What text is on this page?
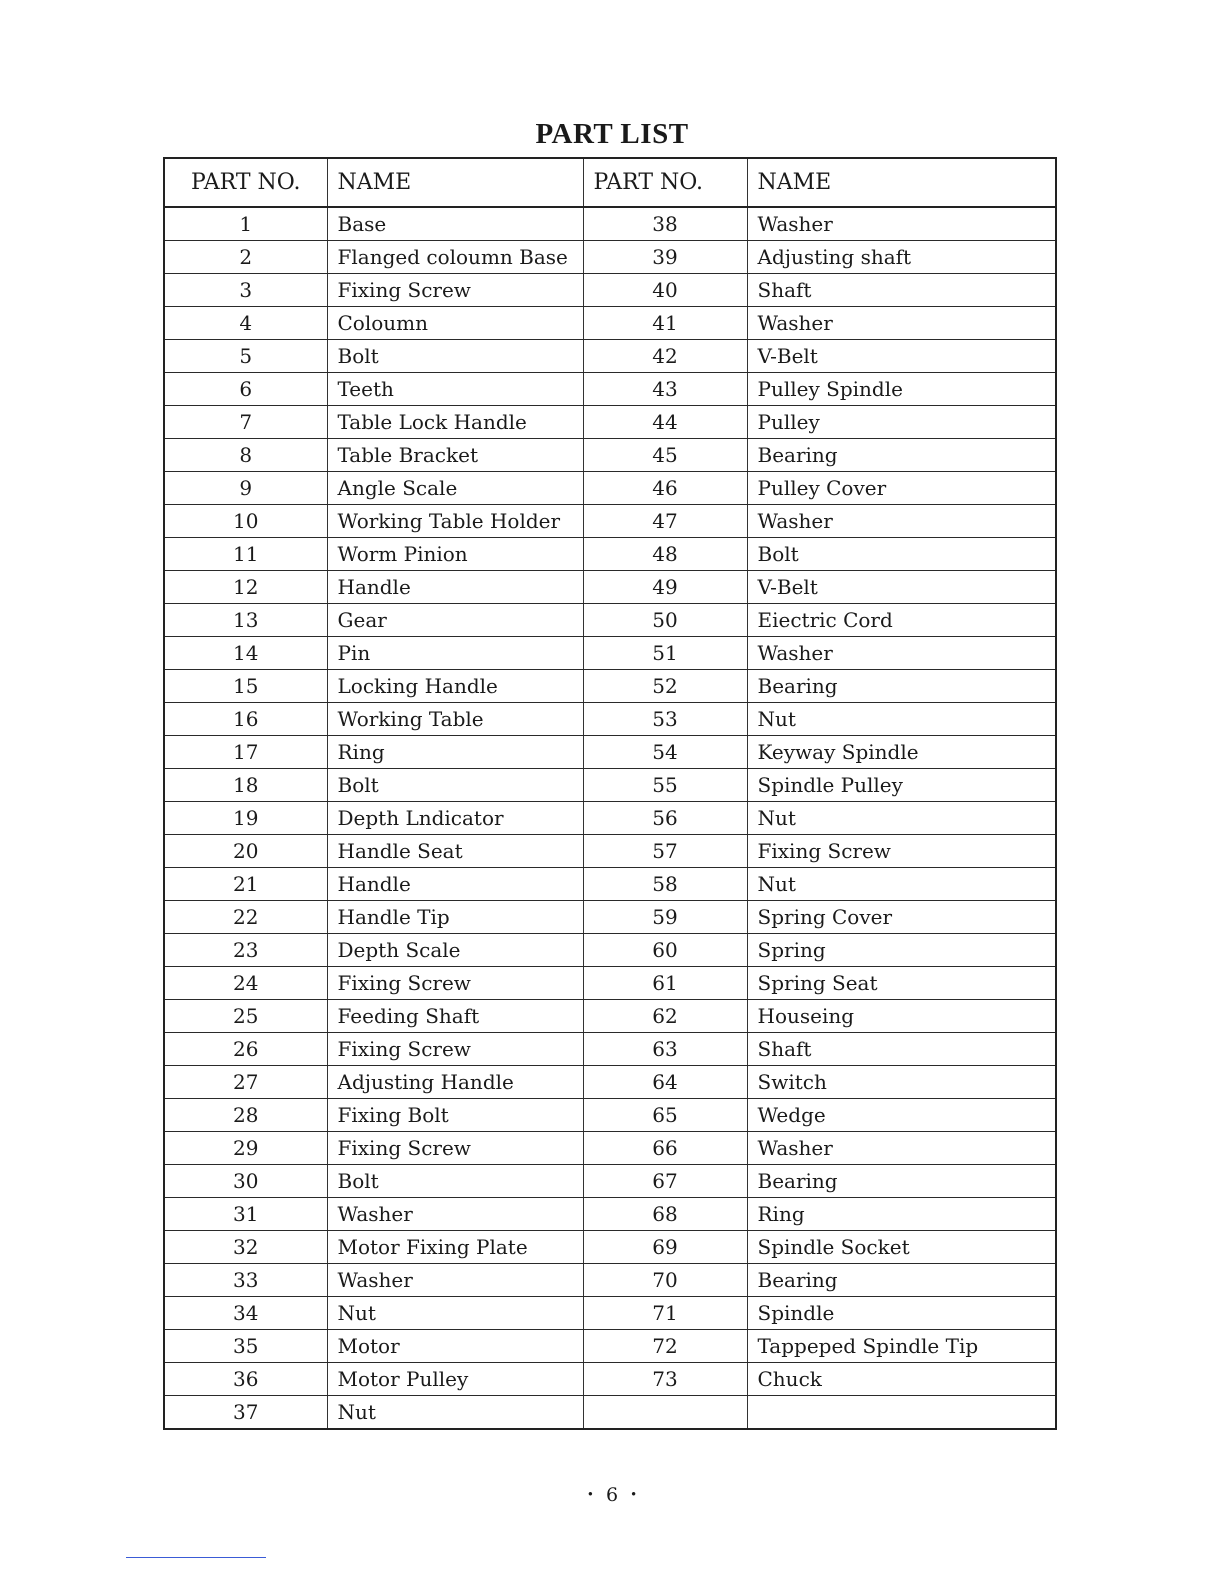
PART LIST
PART NO.	NAME	PART NO.	NAME
1	Base	38	Washer
2	Flanged coloumn Base	39	Adjusting shaft
3	Fixing Screw	40	Shaft
4	Coloumn	41	Washer
5	Bolt	42	V-Belt
6	Teeth	43	Pulley Spindle
7	Table Lock Handle	44	Pulley
8	Table Bracket	45	Bearing
9	Angle Scale	46	Pulley Cover
10	Working Table Holder	47	Washer
11	Worm Pinion	48	Bolt
12	Handle	49	V-Belt
13	Gear	50	Eiectric Cord
14	Pin	51	Washer
15	Locking Handle	52	Bearing
16	Working Table	53	Nut
17	Ring	54	Keyway Spindle
18	Bolt	55	Spindle Pulley
19	Depth Lndicator	56	Nut
20	Handle Seat	57	Fixing Screw
21	Handle	58	Nut
22	Handle Tip	59	Spring Cover
23	Depth Scale	60	Spring
24	Fixing Screw	61	Spring Seat
25	Feeding Shaft	62	Houseing
26	Fixing Screw	63	Shaft
27	Adjusting Handle	64	Switch
28	Fixing Bolt	65	Wedge
29	Fixing Screw	66	Washer
30	Bolt	67	Bearing
31	Washer	68	Ring
32	Motor Fixing Plate	69	Spindle Socket
33	Washer	70	Bearing
34	Nut	71	Spindle
35	Motor	72	Tappeped Spindle Tip
36	Motor Pulley	73	Chuck
37	Nut		
・ 6 ・
